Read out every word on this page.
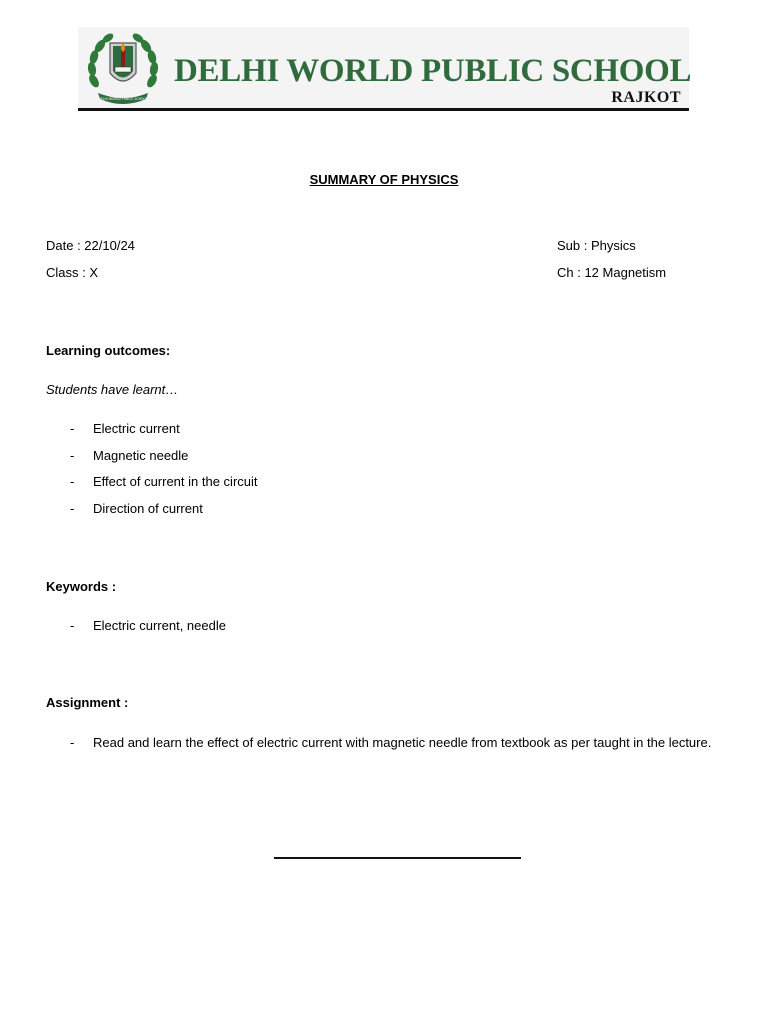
DELHI WORLD PUBLIC SCHOOL
DELHI WORLD PUBLIC SCHOOL
RAJKOT
SUMMARY OF PHYSICS
Date : 22/10/24
Class : X
Sub : Physics
Ch : 12 Magnetism
Learning outcomes:
Students have learnt…
- Electric current
- Magnetic needle
- Effect of current in the circuit
- Direction of current
Keywords :
- Electric current, needle
Assignment :
- Read and learn the effect of electric current with magnetic needle from textbook as per taught in the lecture.
